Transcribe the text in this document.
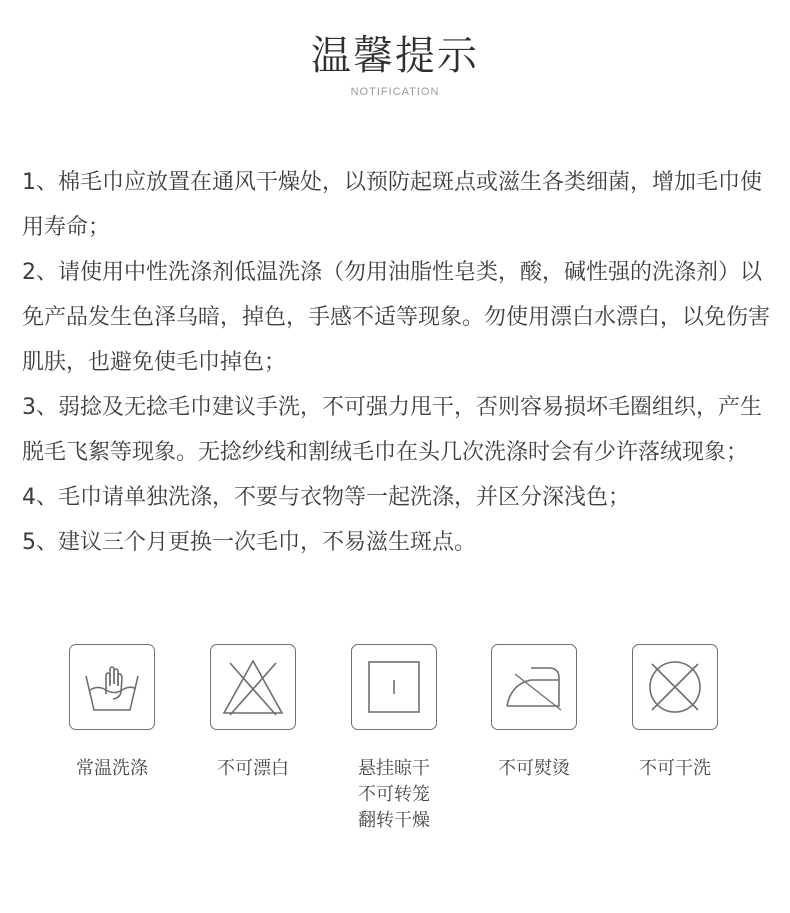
温馨提示
NOTIFICATION

1、棉毛巾应放置在通风干燥处，以预防起斑点或滋生各类细菌，增加毛巾使用寿命；

2、请使用中性洗涤剂低温洗涤（勿用油脂性皂类，酸，碱性强的洗涤剂）以免产品发生色泽乌暗，掉色，手感不适等现象。勿使用漂白水漂白，以免伤害肌肤，也避免使毛巾掉色；

3、弱捻及无捻毛巾建议手洗，不可强力甩干，否则容易损坏毛圈组织，产生脱毛飞絮等现象。无捻纱线和割绒毛巾在头几次洗涤时会有少许落绒现象；

4、毛巾请单独洗涤，不要与衣物等一起洗涤，并区分深浅色；

5、建议三个月更换一次毛巾，不易滋生斑点。

常温洗涤	不可漂白	悬挂晾干
不可转笼
翻转干燥
不可熨烫	不可干洗
